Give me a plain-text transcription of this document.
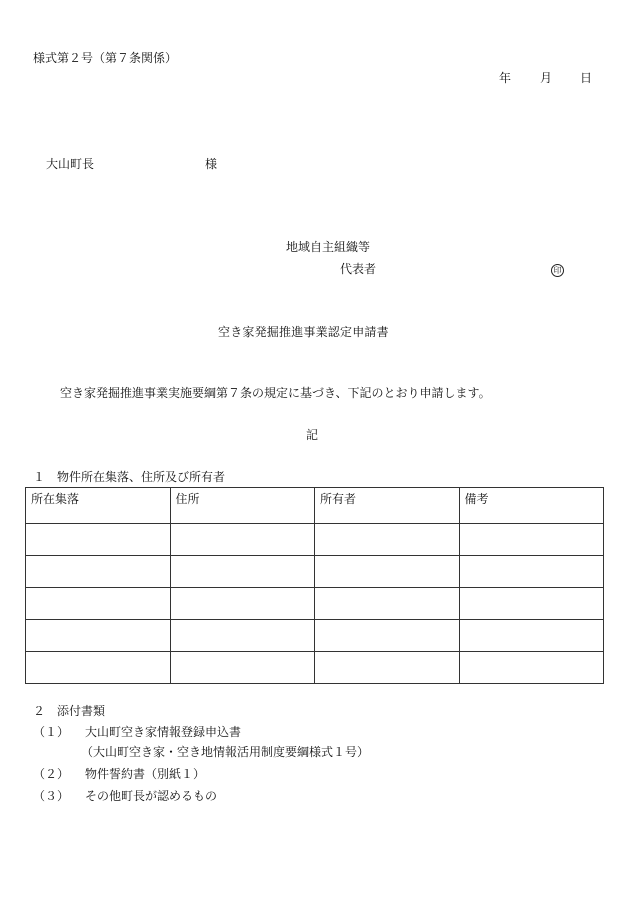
様式第２号（第７条関係）
年 月 日
大山町長	様
地域自主組織等
代表者	印
空き家発掘推進事業認定申請書
空き家発掘推進事業実施要綱第７条の規定に基づき、下記のとおり申請します。
記
１　物件所在集落、住所及び所有者
所在集落	住所	所有者	備考

２　添付書類
（１） 大山町空き家情報登録申込書
（大山町空き家・空き地情報活用制度要綱様式１号）
（２） 物件誓約書（別紙１）
（３） その他町長が認めるもの
